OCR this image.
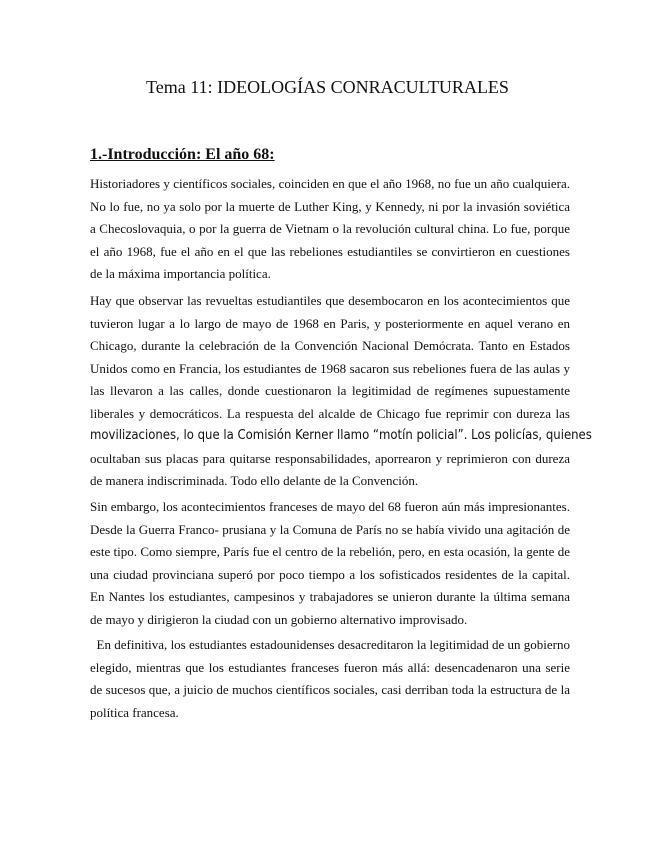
Tema 11: IDEOLOGÍAS CONRACULTURALES
1.-Introducción: El año 68:

Historiadores y científicos sociales, coinciden en que el año 1968, no fue un año cualquiera.
No lo fue, no ya solo por la muerte de Luther King, y Kennedy, ni por la invasión soviética
a Checoslovaquia, o por la guerra de Vietnam o la revolución cultural china. Lo fue, porque
el año 1968, fue el año en el que las rebeliones estudiantiles se convirtieron en cuestiones
de la máxima importancia política.

Hay que observar las revueltas estudiantiles que desembocaron en los acontecimientos que
tuvieron lugar a lo largo de mayo de 1968 en Paris, y posteriormente en aquel verano en
Chicago, durante la celebración de la Convención Nacional Demócrata. Tanto en Estados
Unidos como en Francia, los estudiantes de 1968 sacaron sus rebeliones fuera de las aulas y
las llevaron a las calles, donde cuestionaron la legitimidad de regímenes supuestamente
liberales y democráticos. La respuesta del alcalde de Chicago fue reprimir con dureza las
movilizaciones, lo que la Comisión Kerner llamo “motín policial”. Los policías, quienes
ocultaban sus placas para quitarse responsabilidades, aporrearon y reprimieron con dureza
de manera indiscriminada. Todo ello delante de la Convención.

Sin embargo, los acontecimientos franceses de mayo del 68 fueron aún más impresionantes.
Desde la Guerra Franco- prusiana y la Comuna de París no se había vivido una agitación de
este tipo. Como siempre, París fue el centro de la rebelión, pero, en esta ocasión, la gente de
una ciudad provinciana superó por poco tiempo a los sofisticados residentes de la capital.
En Nantes los estudiantes, campesinos y trabajadores se unieron durante la última semana
de mayo y dirigieron la ciudad con un gobierno alternativo improvisado.

En definitiva, los estudiantes estadounidenses desacreditaron la legitimidad de un gobierno
elegido, mientras que los estudiantes franceses fueron más allá: desencadenaron una serie
de sucesos que, a juicio de muchos científicos sociales, casi derriban toda la estructura de la
política francesa.
